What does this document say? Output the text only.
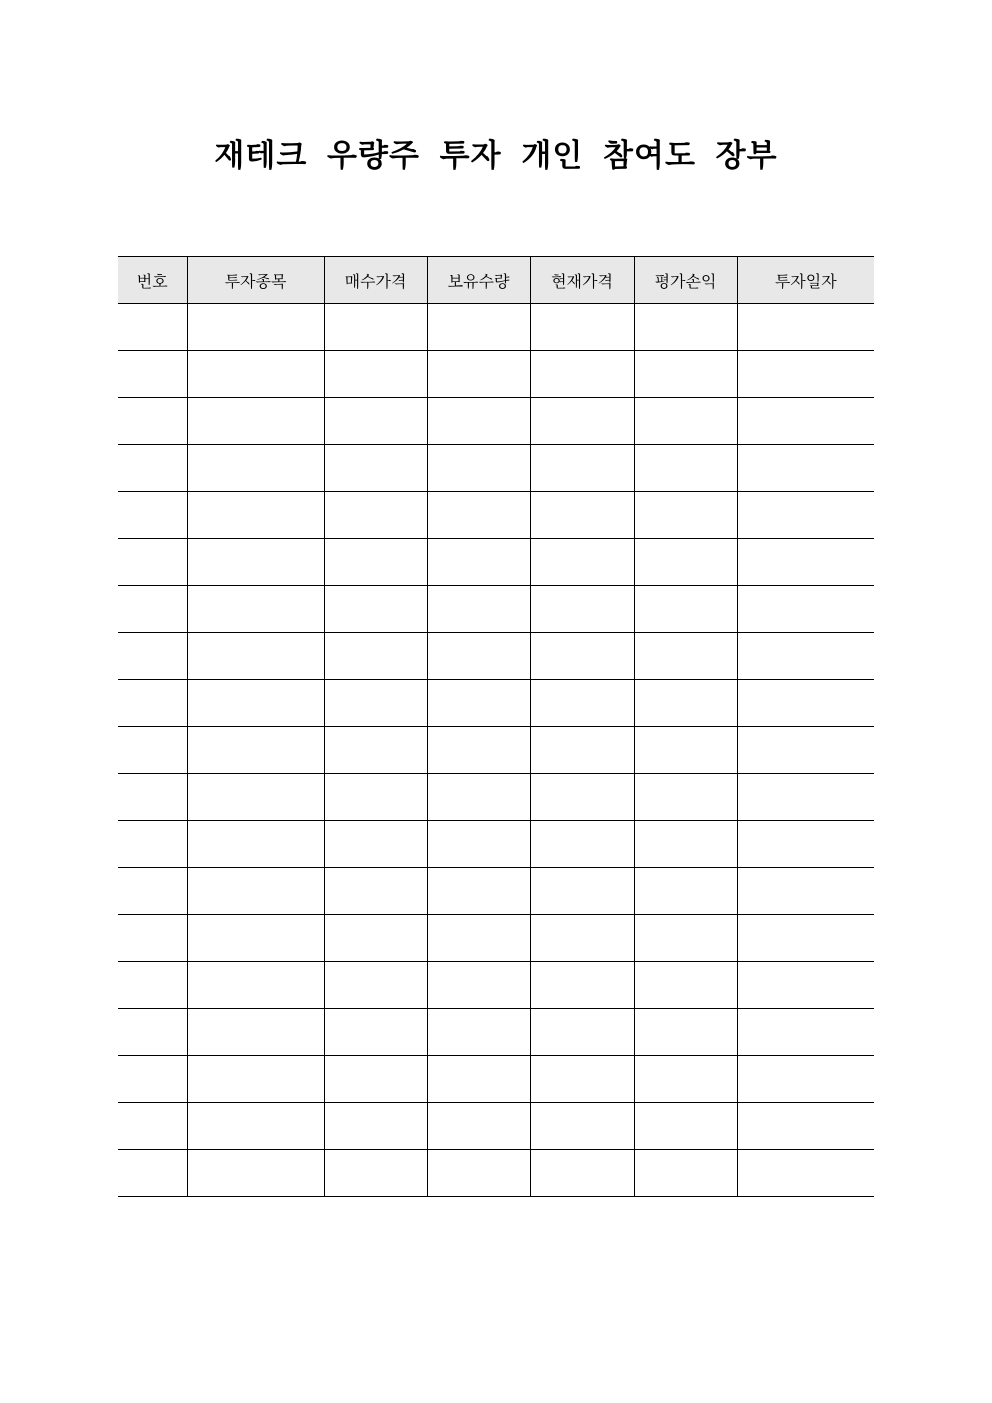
재테크 우량주 투자 개인 참여도 장부
번호	투자종목	매수가격	보유수량	현재가격	평가손익	투자일자
